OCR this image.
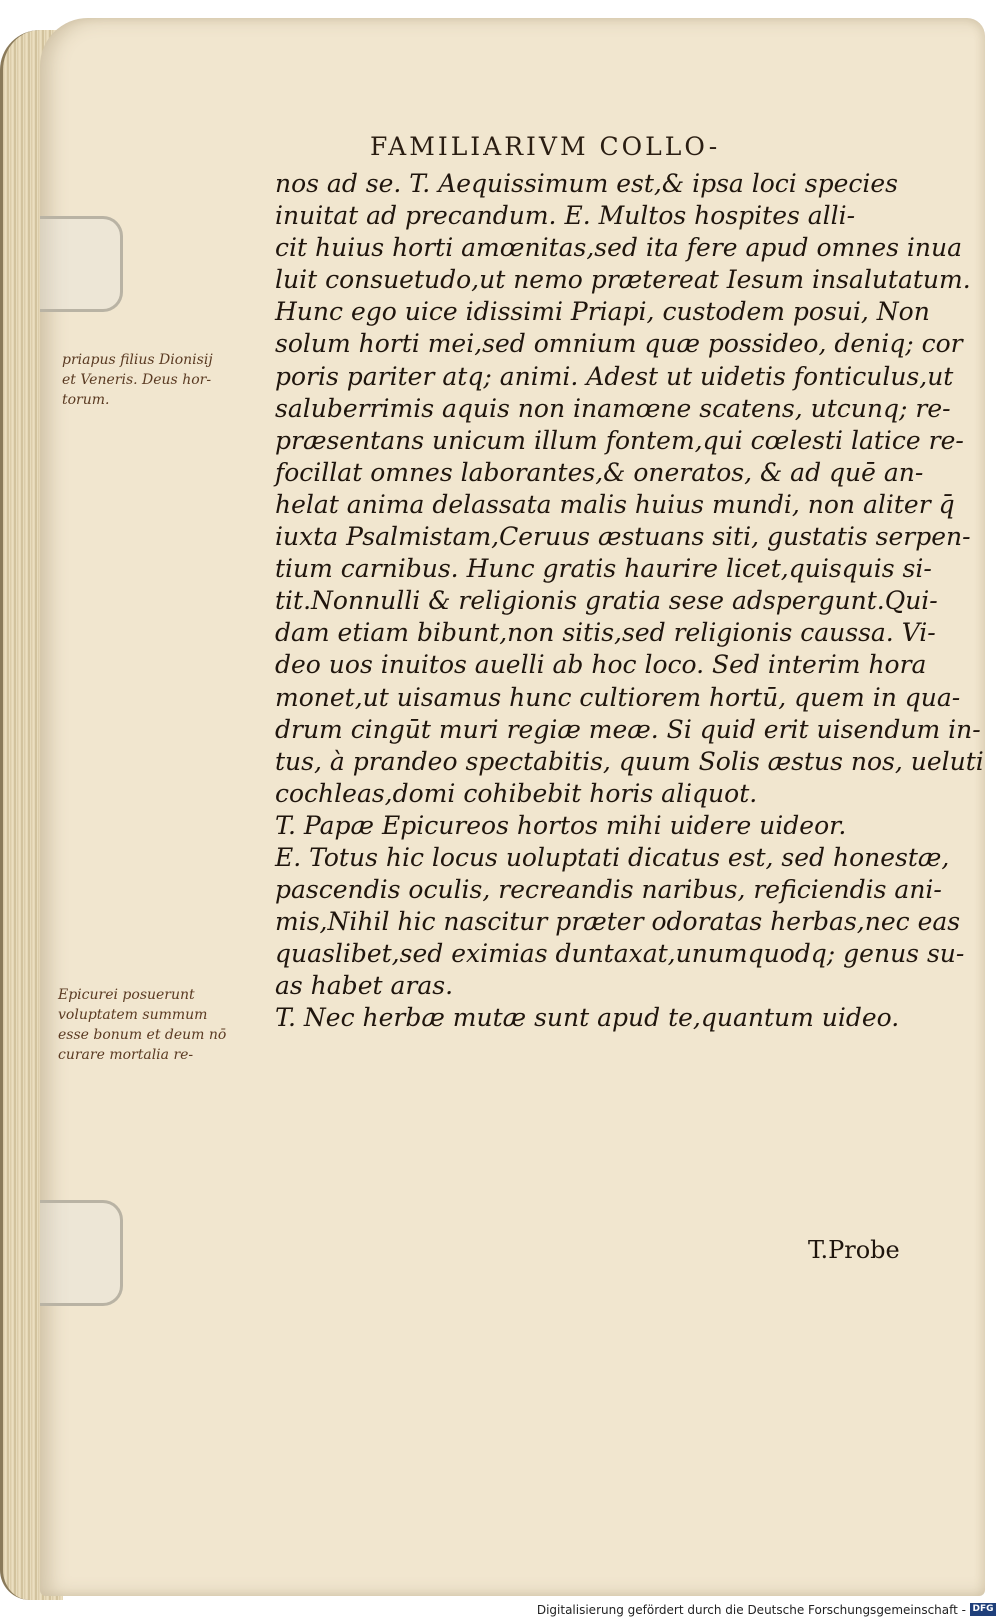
FAMILIARIVM COLLO-
nos ad se. T. Aequissimum est,& ipsa loci species
inuitat ad precandum. E. Multos hospites alli-
cit huius horti amœnitas,sed ita fere apud omnes inua
luit consuetudo,ut nemo prætereat Iesum insalutatum.
Hunc ego uice idissimi Priapi, custodem posui, Non
solum horti mei,sed omnium quæ possideo, deniq; cor
poris pariter atq; animi. Adest ut uidetis fonticulus,ut
saluberrimis aquis non inamœne scatens, utcunq; re-
præsentans unicum illum fontem,qui cœlesti latice re-
focillat omnes laborantes,& oneratos, & ad quē an-
helat anima delassata malis huius mundi, non aliter q̄
iuxta Psalmistam,Ceruus æstuans siti, gustatis serpen-
tium carnibus. Hunc gratis haurire licet,quisquis si-
tit.Nonnulli & religionis gratia sese adspergunt.Qui-
dam etiam bibunt,non sitis,sed religionis caussa. Vi-
deo uos inuitos auelli ab hoc loco. Sed interim hora
monet,ut uisamus hunc cultiorem hortū, quem in qua-
drum cingūt muri regiæ meæ. Si quid erit uisendum in-
tus, à prandeo spectabitis, quum Solis æstus nos, ueluti
cochleas,domi cohibebit horis aliquot.
T. Papæ Epicureos hortos mihi uidere uideor.
E. Totus hic locus uoluptati dicatus est, sed honestæ,
pascendis oculis, recreandis naribus, reficiendis ani-
mis,Nihil hic nascitur præter odoratas herbas,nec eas
quaslibet,sed eximias duntaxat,unumquodq; genus su-
as habet aras.
T. Nec herbæ mutæ sunt apud te,quantum uideo.
T.Probe
priapus filius Dionisij
et Veneris. Deus hor-
torum.
Epicurei posuerunt
voluptatem summum
esse bonum et deum nō
curare mortalia re-
Digitalisierung gefördert durch die Deutsche Forschungsgemeinschaft - DFG
